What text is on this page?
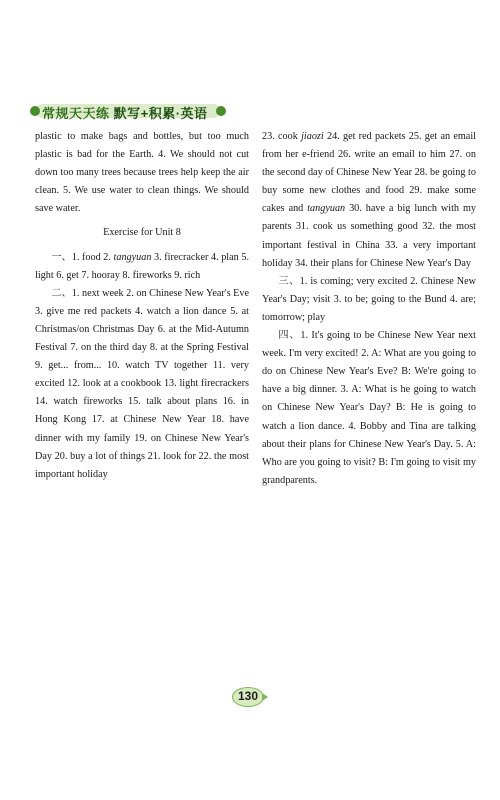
常规天天练 默写+积累·英语

plastic to make bags and bottles, but too much plastic is bad for the Earth. 4. We should not cut down too many trees because trees help keep the air clean. 5. We use water to clean things. We should save water.

Exercise for Unit 8

一、1. food 2. tangyuan 3. firecracker 4. plan 5. light 6. get 7. hooray 8. fireworks 9. rich

二、1. next week 2. on Chinese New Year's Eve 3. give me red packets 4. watch a lion dance 5. at Christmas/on Christmas Day 6. at the Mid-Autumn Festival 7. on the third day 8. at the Spring Festival 9. get... from... 10. watch TV together 11. very excited 12. look at a cookbook 13. light firecrackers 14. watch fireworks 15. talk about plans 16. in Hong Kong 17. at Chinese New Year 18. have dinner with my family 19. on Chinese New Year's Day 20. buy a lot of things 21. look for 22. the most important holiday

23. cook jiaozi 24. get red packets 25. get an email from her e-friend 26. write an email to him 27. on the second day of Chinese New Year 28. be going to buy some new clothes and food 29. make some cakes and tangyuan 30. have a big lunch with my parents 31. cook us something good 32. the most important festival in China 33. a very important holiday 34. their plans for Chinese New Year's Day

三、1. is coming; very excited 2. Chinese New Year's Day; visit 3. to be; going to the Bund 4. are; tomorrow; play

四、1. It's going to be Chinese New Year next week. I'm very excited! 2. A: What are you going to do on Chinese New Year's Eve? B: We're going to have a big dinner. 3. A: What is he going to watch on Chinese New Year's Day? B: He is going to watch a lion dance. 4. Bobby and Tina are talking about their plans for Chinese New Year's Day. 5. A: Who are you going to visit? B: I'm going to visit my grandparents.

130
